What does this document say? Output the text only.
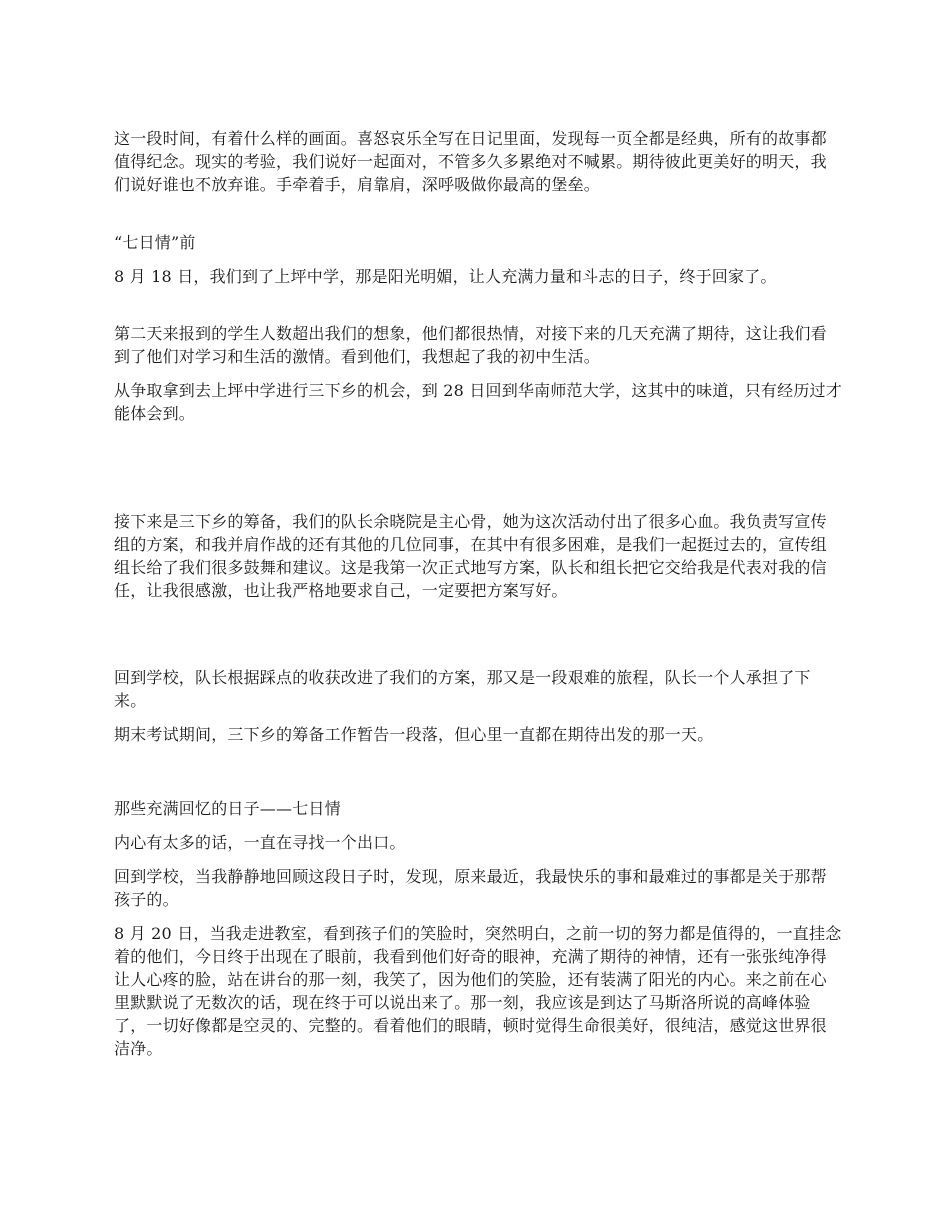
这一段时间，有着什么样的画面。喜怒哀乐全写在日记里面，发现每一页全都是经典，所有的故事都值得纪念。现实的考验，我们说好一起面对，不管多久多累绝对不喊累。期待彼此更美好的明天，我们说好谁也不放弃谁。手牵着手，肩靠肩，深呼吸做你最高的堡垒。

“七日情”前

8 月 18 日，我们到了上坪中学，那是阳光明媚，让人充满力量和斗志的日子，终于回家了。

第二天来报到的学生人数超出我们的想象，他们都很热情，对接下来的几天充满了期待，这让我们看到了他们对学习和生活的激情。看到他们，我想起了我的初中生活。

从争取拿到去上坪中学进行三下乡的机会，到 28 日回到华南师范大学，这其中的味道，只有经历过才能体会到。

接下来是三下乡的筹备，我们的队长余晓院是主心骨，她为这次活动付出了很多心血。我负责写宣传组的方案，和我并肩作战的还有其他的几位同事，在其中有很多困难，是我们一起挺过去的，宣传组组长给了我们很多鼓舞和建议。这是我第一次正式地写方案，队长和组长把它交给我是代表对我的信任，让我很感激，也让我严格地要求自己，一定要把方案写好。

回到学校，队长根据踩点的收获改进了我们的方案，那又是一段艰难的旅程，队长一个人承担了下来。

期末考试期间，三下乡的筹备工作暂告一段落，但心里一直都在期待出发的那一天。

那些充满回忆的日子——七日情

内心有太多的话，一直在寻找一个出口。

回到学校，当我静静地回顾这段日子时，发现，原来最近，我最快乐的事和最难过的事都是关于那帮孩子的。

8 月 20 日，当我走进教室，看到孩子们的笑脸时，突然明白，之前一切的努力都是值得的，一直挂念着的他们，今日终于出现在了眼前，我看到他们好奇的眼神，充满了期待的神情，还有一张张纯净得让人心疼的脸，站在讲台的那一刻，我笑了，因为他们的笑脸，还有装满了阳光的内心。来之前在心里默默说了无数次的话，现在终于可以说出来了。那一刻，我应该是到达了马斯洛所说的高峰体验了，一切好像都是空灵的、完整的。看着他们的眼睛，顿时觉得生命很美好，很纯洁，感觉这世界很洁净。
